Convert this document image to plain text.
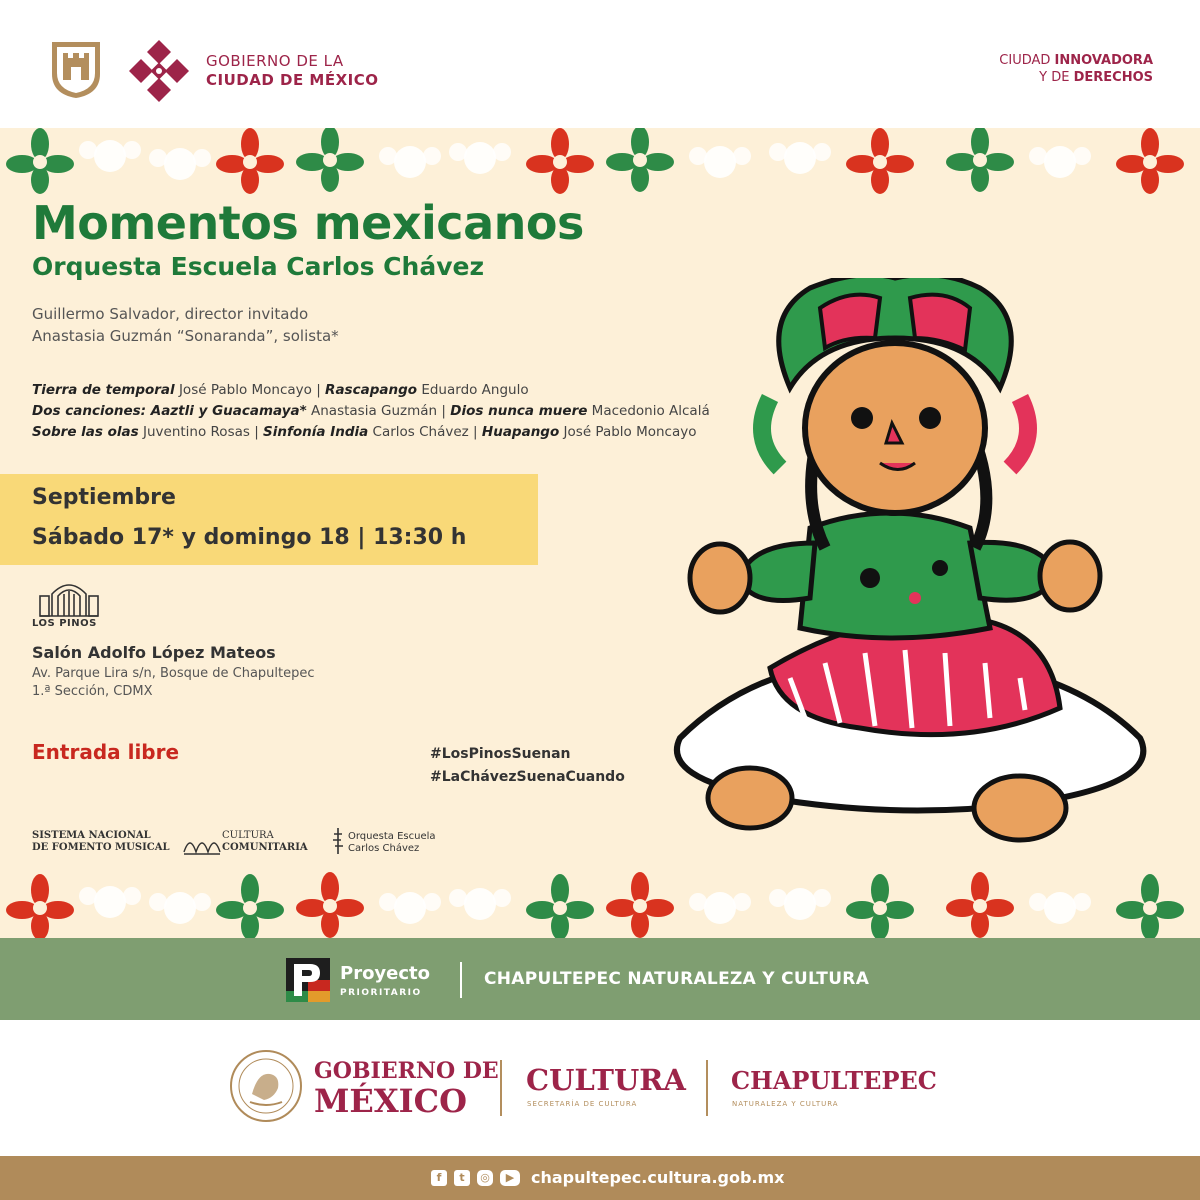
GOBIERNO DE LA
CIUDAD DE MÉXICO
CIUDAD INNOVADORA
Y DE DERECHOS
Momentos mexicanos
Orquesta Escuela Carlos Chávez
Guillermo Salvador, director invitado
Anastasia Guzmán “Sonaranda”, solista*
Tierra de temporal José Pablo Moncayo | Rascapango Eduardo Angulo
Dos canciones: Aaztli y Guacamaya* Anastasia Guzmán | Dios nunca muere Macedonio Alcalá
Sobre las olas Juventino Rosas | Sinfonía India Carlos Chávez | Huapango José Pablo Moncayo
Septiembre
Sábado 17* y domingo 18 | 13:30 h
LOS PINOS
Salón Adolfo López Mateos
Av. Parque Lira s/n, Bosque de Chapultepec
1.ª Sección, CDMX
Entrada libre	#LosPinosSuenan
#LaChávezSuenaCuando
SISTEMA NACIONAL
DE FOMENTO MUSICAL
CULTURA
COMUNITARIA
Orquesta Escuela
Carlos Chávez
Proyecto
PRIORITARIO
CHAPULTEPEC NATURALEZA Y CULTURA
GOBIERNO DE
MÉXICO
CULTURA
SECRETARÍA DE CULTURA
CHAPULTEPEC
NATURALEZA Y CULTURA
f	t	◎	▶	chapultepec.cultura.gob.mx
